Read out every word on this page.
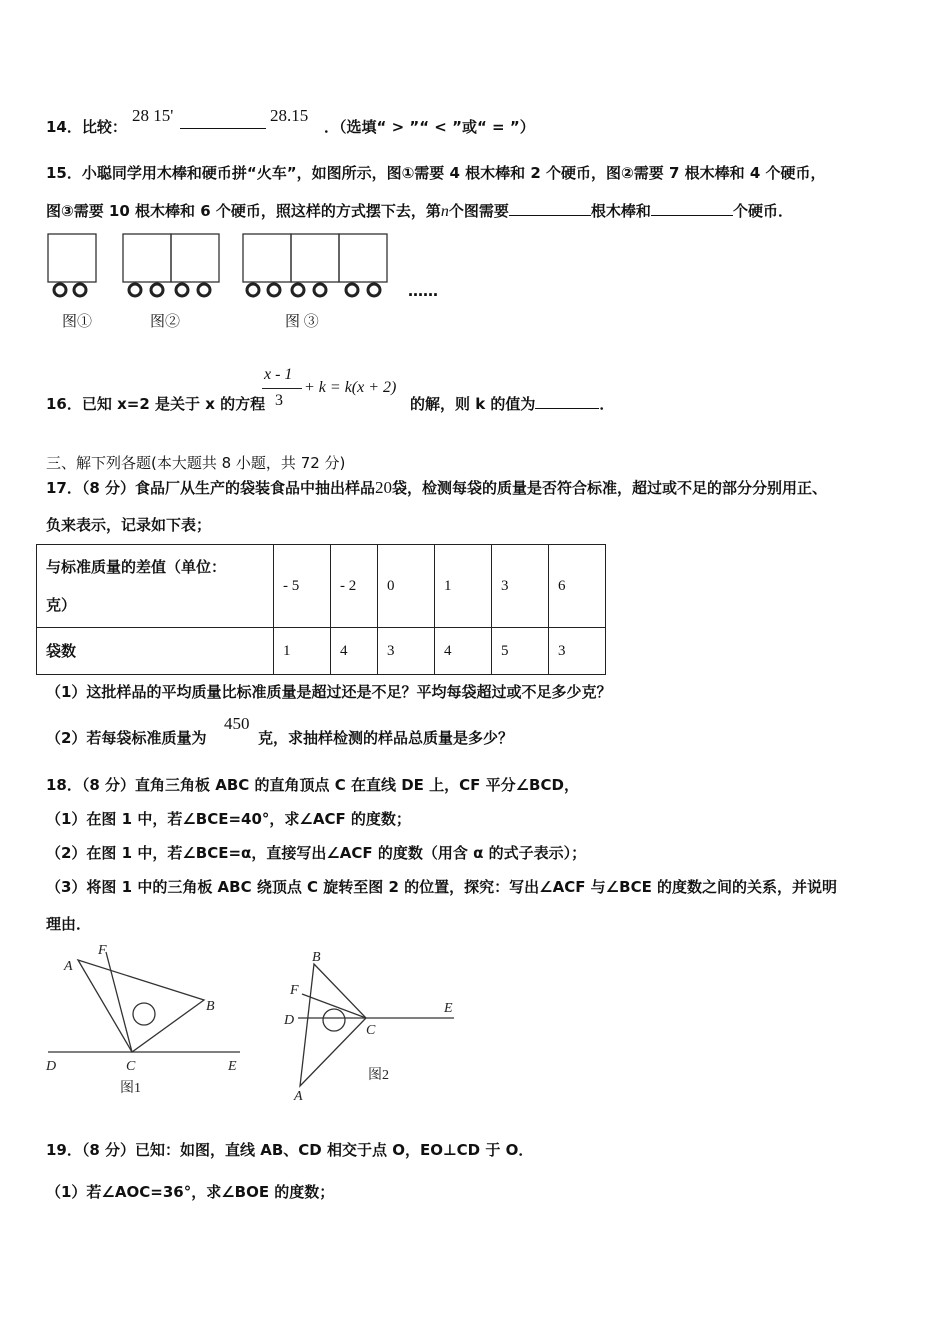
14．比较：
28 15'	28.15
．（选填“ > ”“ < ”或“ = ”）
15．小聪同学用木棒和硬币拼“火车”，如图所示，图①需要 4 根木棒和 2 个硬币，图②需要 7 根木棒和 4 个硬币，
图③需要 10 根木棒和 6 个硬币，照这样的方式摆下去，第n个图需要	根木棒和	个硬币．
图①	图②	图 ③
……
16．已知 x=2 是关于 x 的方程
x - 1
3
+ k = k(x + 2)
的解，则 k 的值为	．
三、解下列各题(本大题共 8 小题，共 72 分)
17．（8 分）食品厂从生产的袋装食品中抽出样品20袋，检测每袋的质量是否符合标准，超过或不足的部分分别用正、
负来表示，记录如下表；
与标准质量的差值（单位：
克）	- 5	- 2	0	1	3	6
袋数	1	4	3	4	5	3
（1）这批样品的平均质量比标准质量是超过还是不足？平均每袋超过或不足多少克？
（2）若每袋标准质量为
450
克，求抽样检测的样品总质量是多少？
18．（8 分）直角三角板 ABC 的直角顶点 C 在直线 DE 上，CF 平分∠BCD，
（1）在图 1 中，若∠BCE=40°，求∠ACF 的度数；
（2）在图 1 中，若∠BCE=α，直接写出∠ACF 的度数（用含 α 的式子表示）；
（3）将图 1 中的三角板 ABC 绕顶点 C 旋转至图 2 的位置，探究：写出∠ACF 与∠BCE 的度数之间的关系，并说明
理由．
A
F
B
C
D	E
图1
B
F
D
C
E
A
图2
19．（8 分）已知：如图，直线 AB、CD 相交于点 O，EO⊥CD 于 O．
（1）若∠AOC=36°，求∠BOE 的度数；
